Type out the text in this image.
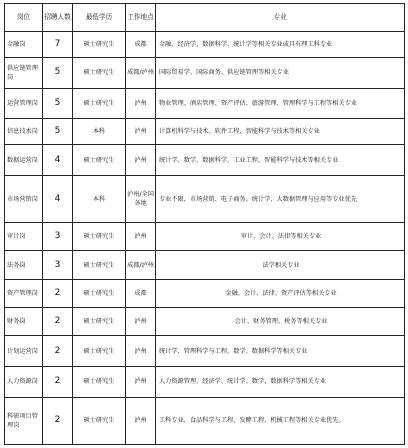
岗位	招聘人数	最低学历	工作地点	专业
金融岗	7	硕士研究生	成都	金融、经济学、数据科学、统计学等相关专业或具有理工科专业
供应链管理岗	5	硕士研究生	成都/泸州	国际贸易学、国际商务、供应链管理等相关专业
运营管理岗	5	硕士研究生	泸州	物业管理、酒店管理、资产评估、旅游管理、管理科学与工程等相关专业
信息技术岗	5	本科	泸州	计算机科学与技术、软件工程、智能科学与技术等相关专业
数据运营岗	4	硕士研究生	泸州	统计学、数学、数据科学、工业工程、智能科学与技术等相关专业
市场营销岗	4	本科	泸州/全国各地	专业不限，市场营销、电子商务、统计学、大数据管理与应用等专业优先
审计岗	3	硕士研究生	泸州	审计、会计、法律等相关专业
法务岗	3	硕士研究生	成都/泸州	法学相关专业
资产管理岗	2	硕士研究生	成都	金融、会计、法律、资产评估等相关专业
财务岗	2	硕士研究生	泸州	会计、财务管理、税务等相关专业
计划运营岗	2	硕士研究生	泸州	统计学、管理科学与工程、数学、数据科学等相关专业
人力资源岗	2	硕士研究生	泸州	人力资源管理、经济学、统计学、数学、数据科学等相关专业
科研项目管理岗	2	硕士研究生	泸州	工科专业，食品科学与工程、发酵工程、机械工程等相关专业优先。
